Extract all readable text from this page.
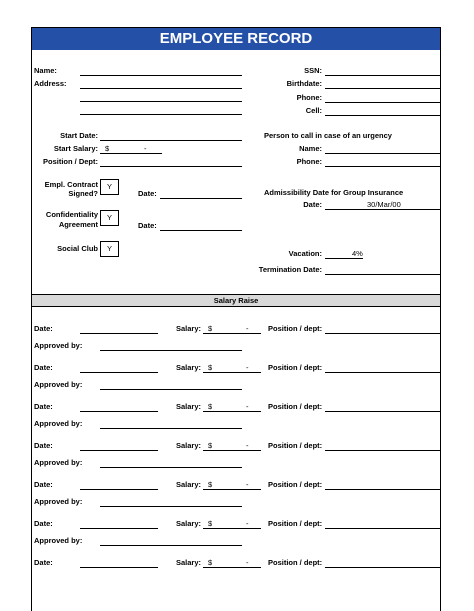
EMPLOYEE RECORD
Name:
Address:
SSN:
Birthdate:
Phone:
Cell:
Start Date:
Start Salary: $	-
Position / Dept:
Person to call in case of an urgency
Name:
Phone:
Empl. Contract
Signed?
Y
Date:
Confidentiality
Agreement
Y
Date:
Social Club	Y
Admissibility Date for Group Insurance
Date:	30/Mar/00
Vacation:	4%
Termination Date:
Salary Raise
Date:	Salary: $	-	Position / dept:
Approved by:
Date:	Salary: $	-	Position / dept:
Approved by:
Date:	Salary: $	-	Position / dept:
Approved by:
Date:	Salary: $	-	Position / dept:
Approved by:
Date:	Salary: $	-	Position / dept:
Approved by:
Date:	Salary: $	-	Position / dept:
Approved by:
Date:	Salary: $	-	Position / dept:
